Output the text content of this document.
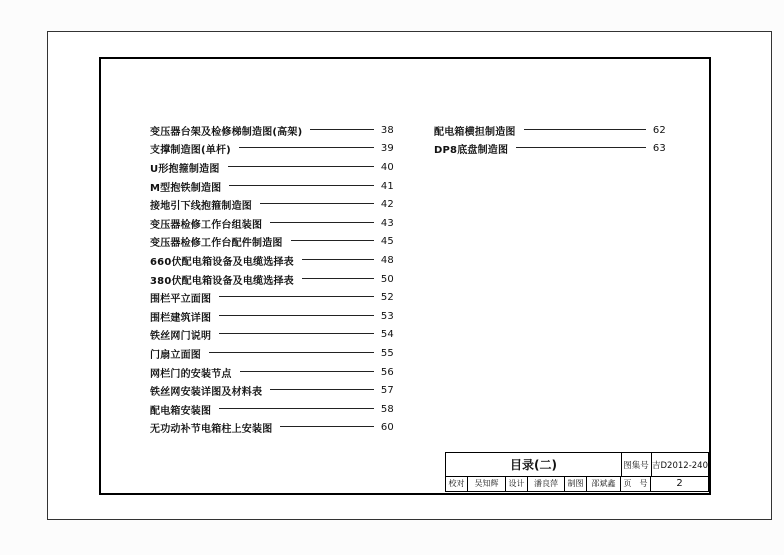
变压器台架及检修梯制造图(高架)	38
支撑制造图(单杆)	39
U形抱箍制造图	40
M型抱铁制造图	41
接地引下线抱箍制造图	42
变压器检修工作台组装图	43
变压器检修工作台配件制造图	45
660伏配电箱设备及电缆选择表	48
380伏配电箱设备及电缆选择表	50
围栏平立面图	52
围栏建筑详图	53
铁丝网门说明	54
门扇立面图	55
网栏门的安装节点	56
铁丝网安装详图及材料表	57
配电箱安装图	58
无功动补节电箱柱上安装图	60
配电箱横担制造图	62
DP8底盘制造图	63
目录(二)	图集号 吉D2012-240
校对	吴知辉	设计	潘良萍	制图	邵斌鑫	页　号	2
